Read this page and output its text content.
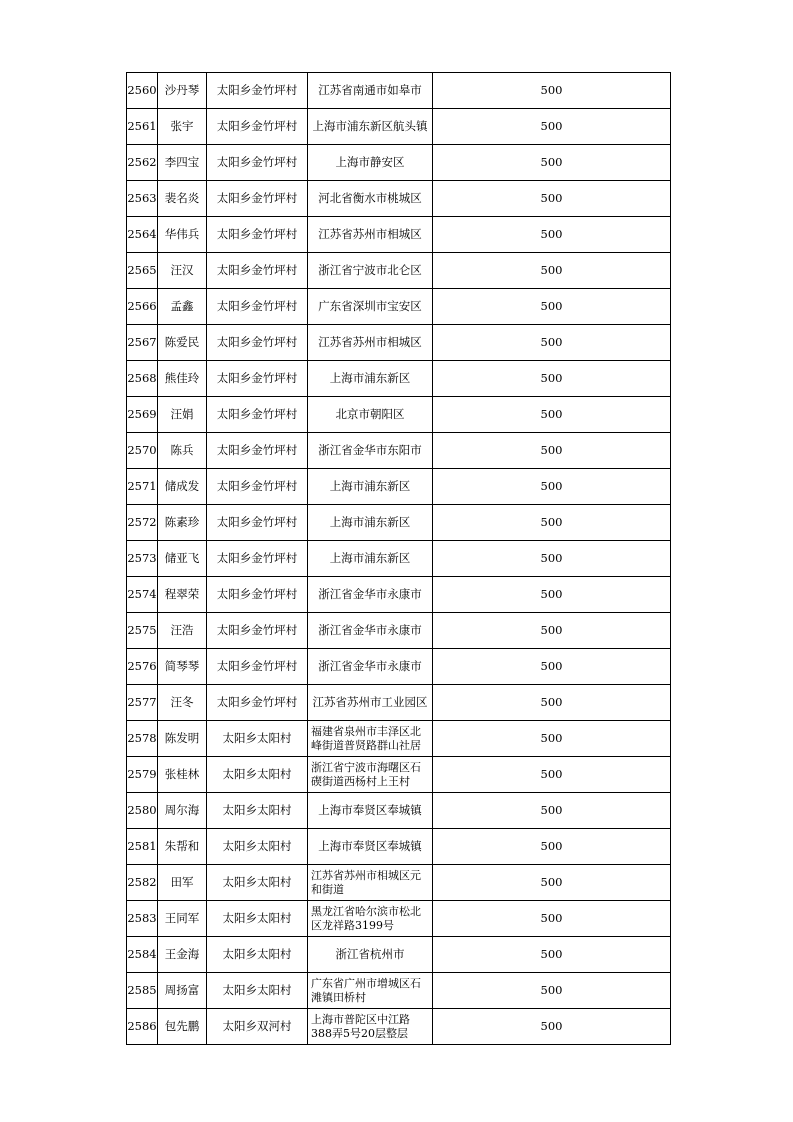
2560	沙丹琴	太阳乡金竹坪村	江苏省南通市如皋市	500

2561	张宇	太阳乡金竹坪村	上海市浦东新区航头镇	500

2562	李四宝	太阳乡金竹坪村	上海市静安区	500

2563	裴名炎	太阳乡金竹坪村	河北省衡水市桃城区	500

2564	华伟兵	太阳乡金竹坪村	江苏省苏州市相城区	500

2565	汪汉	太阳乡金竹坪村	浙江省宁波市北仑区	500

2566	孟鑫	太阳乡金竹坪村	广东省深圳市宝安区	500

2567	陈爱民	太阳乡金竹坪村	江苏省苏州市相城区	500

2568	熊佳玲	太阳乡金竹坪村	上海市浦东新区	500

2569	汪娟	太阳乡金竹坪村	北京市朝阳区	500

2570	陈兵	太阳乡金竹坪村	浙江省金华市东阳市	500

2571	储成发	太阳乡金竹坪村	上海市浦东新区	500

2572	陈素珍	太阳乡金竹坪村	上海市浦东新区	500

2573	储亚飞	太阳乡金竹坪村	上海市浦东新区	500

2574	程翠荣	太阳乡金竹坪村	浙江省金华市永康市	500

2575	汪浩	太阳乡金竹坪村	浙江省金华市永康市	500

2576	简琴琴	太阳乡金竹坪村	浙江省金华市永康市	500

2577	汪冬	太阳乡金竹坪村	江苏省苏州市工业园区	500

2578	陈发明	太阳乡太阳村	福建省泉州市丰泽区北峰街道普贤路群山社居	500

2579	张桂林	太阳乡太阳村	浙江省宁波市海曙区石碶街道西杨村上王村	500

2580	周尔海	太阳乡太阳村	上海市奉贤区奉城镇	500

2581	朱帮和	太阳乡太阳村	上海市奉贤区奉城镇	500

2582	田军	太阳乡太阳村	江苏省苏州市相城区元和街道	500

2583	王同军	太阳乡太阳村	黑龙江省哈尔滨市松北区龙祥路3199号	500

2584	王金海	太阳乡太阳村	浙江省杭州市	500

2585	周扬富	太阳乡太阳村	广东省广州市增城区石滩镇田桥村	500

2586	包先鹏	太阳乡双河村	上海市普陀区中江路388弄5号20层整层	500
